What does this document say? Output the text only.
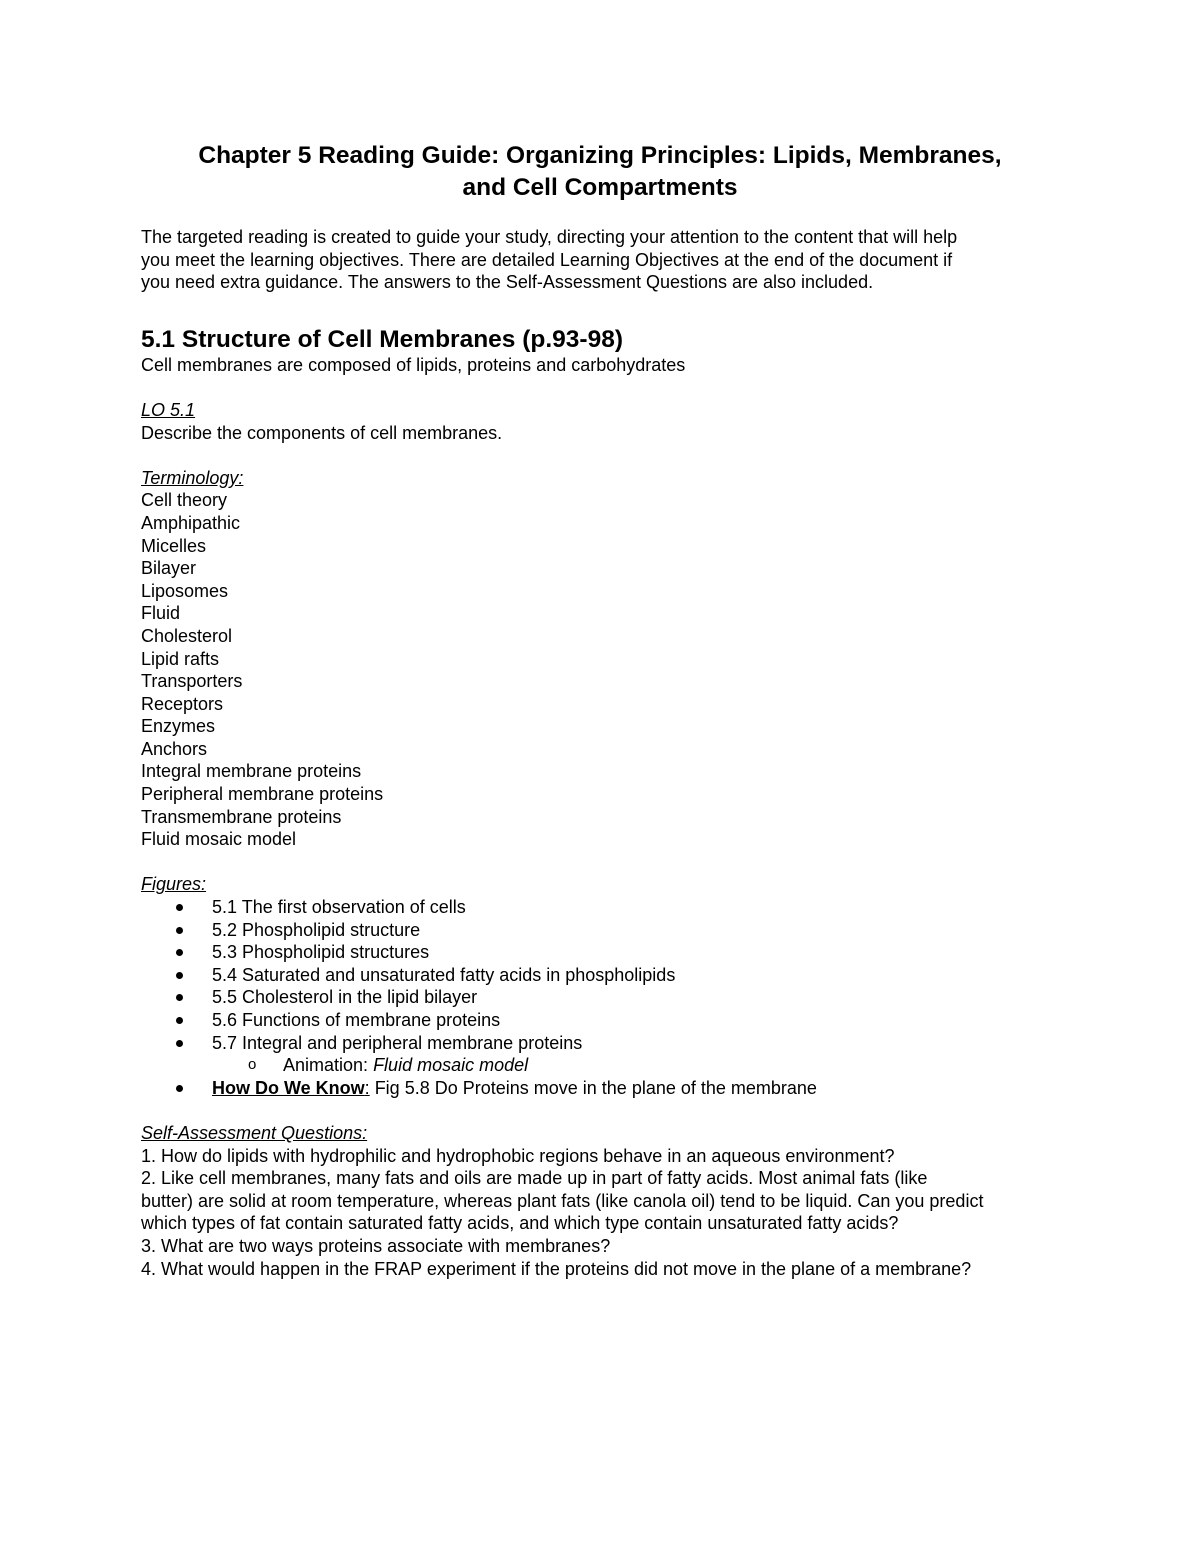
Chapter 5 Reading Guide: Organizing Principles: Lipids, Membranes,
and Cell Compartments
The targeted reading is created to guide your study, directing your attention to the content that will help
you meet the learning objectives. There are detailed Learning Objectives at the end of the document if
you need extra guidance. The answers to the Self-Assessment Questions are also included.
5.1 Structure of Cell Membranes (p.93-98)
Cell membranes are composed of lipids, proteins and carbohydrates
LO 5.1
Describe the components of cell membranes.
Terminology:
Cell theory
Amphipathic
Micelles
Bilayer
Liposomes
Fluid
Cholesterol
Lipid rafts
Transporters
Receptors
Enzymes
Anchors
Integral membrane proteins
Peripheral membrane proteins
Transmembrane proteins
Fluid mosaic model
Figures:
5.1 The first observation of cells
5.2 Phospholipid structure
5.3 Phospholipid structures
5.4 Saturated and unsaturated fatty acids in phospholipids
5.5 Cholesterol in the lipid bilayer
5.6 Functions of membrane proteins
5.7 Integral and peripheral membrane proteins
o Animation: Fluid mosaic model
How Do We Know: Fig 5.8 Do Proteins move in the plane of the membrane
Self-Assessment Questions:
1. How do lipids with hydrophilic and hydrophobic regions behave in an aqueous environment?
2. Like cell membranes, many fats and oils are made up in part of fatty acids. Most animal fats (like
butter) are solid at room temperature, whereas plant fats (like canola oil) tend to be liquid. Can you predict
which types of fat contain saturated fatty acids, and which type contain unsaturated fatty acids?
3. What are two ways proteins associate with membranes?
4. What would happen in the FRAP experiment if the proteins did not move in the plane of a membrane?
